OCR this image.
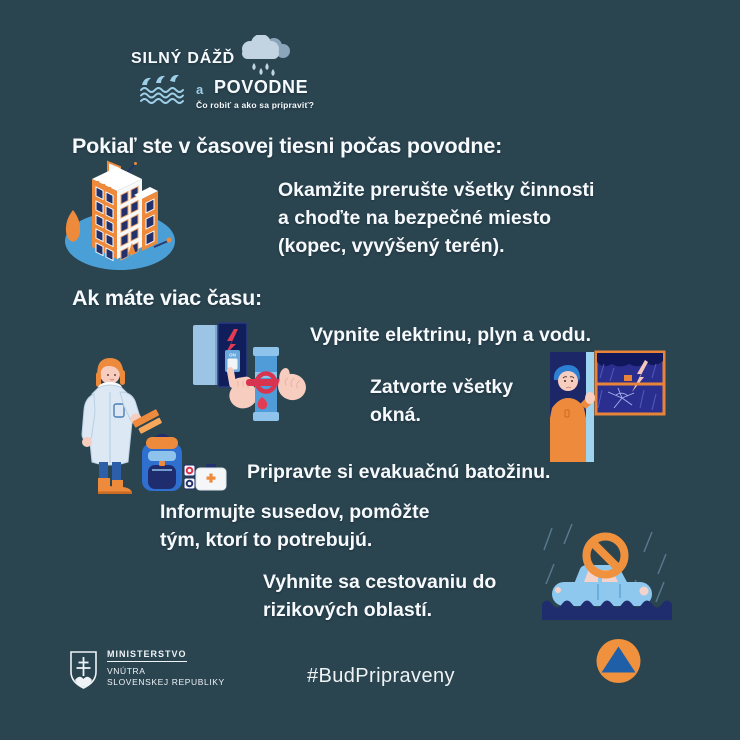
SILNÝ DÁŽĎ
a POVODNE
Čo robiť a ako sa pripraviť?
Pokiaľ ste v časovej tiesni počas povodne:
Okamžite prerušte všetky činnosti
a choďte na bezpečné miesto
(kopec, vyvýšený terén).
Ak máte viac času:
Vypnite elektrinu, plyn a vodu.
ON
Zatvorte všetky
okná.
Pripravte si evakuačnú batožinu.
Informujte susedov, pomôžte
tým, ktorí to potrebujú.
Vyhnite sa cestovaniu do
rizikových oblastí.
MINISTERSTVO
VNÚTRA
SLOVENSKEJ REPUBLIKY	#BudPripraveny
